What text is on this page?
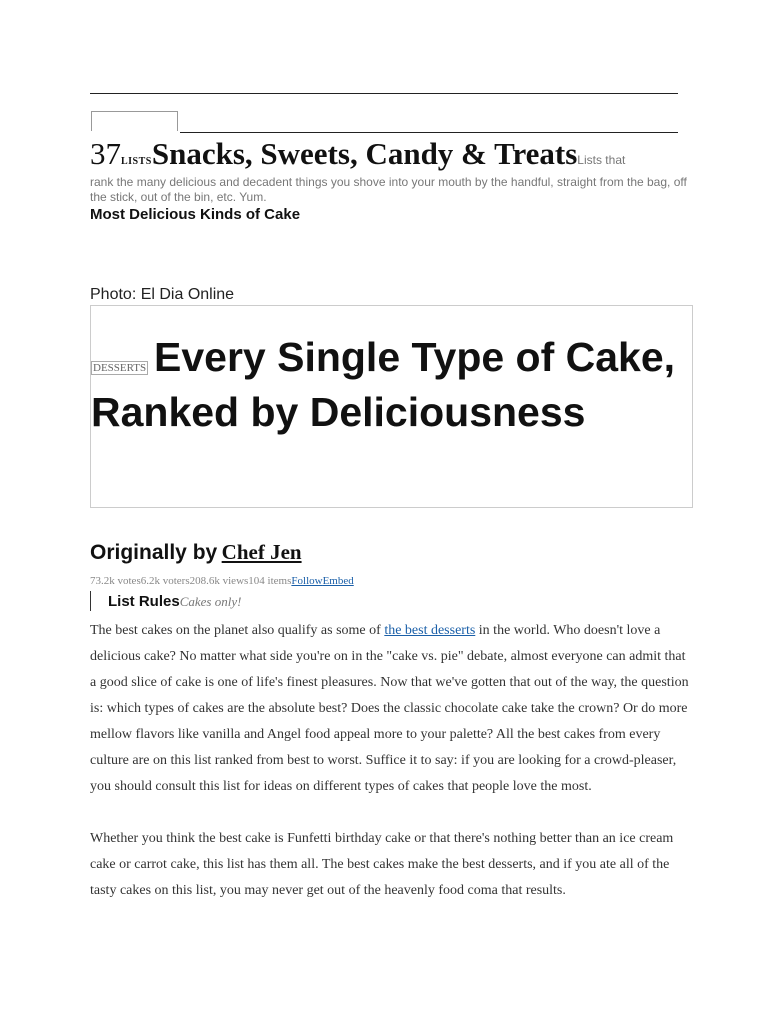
37LISTSSnacks, Sweets, Candy & TreatsLists that
rank the many delicious and decadent things you shove into your mouth by the handful, straight from the bag, off the stick, out of the bin, etc. Yum.
Most Delicious Kinds of Cake
Photo: El Dia Online
DESSERTS Every Single Type of Cake, Ranked by Deliciousness
Originally by Chef Jen
73.2k votes6.2k voters208.6k views104 itemsFollowEmbed
List RulesCakes only!
The best cakes on the planet also qualify as some of the best desserts in the world. Who doesn't love a delicious cake? No matter what side you're on in the "cake vs. pie" debate, almost everyone can admit that a good slice of cake is one of life's finest pleasures. Now that we've gotten that out of the way, the question is: which types of cakes are the absolute best? Does the classic chocolate cake take the crown? Or do more mellow flavors like vanilla and Angel food appeal more to your palette? All the best cakes from every culture are on this list ranked from best to worst. Suffice it to say: if you are looking for a crowd-pleaser, you should consult this list for ideas on different types of cakes that people love the most.
Whether you think the best cake is Funfetti birthday cake or that there's nothing better than an ice cream cake or carrot cake, this list has them all. The best cakes make the best desserts, and if you ate all of the tasty cakes on this list, you may never get out of the heavenly food coma that results.
